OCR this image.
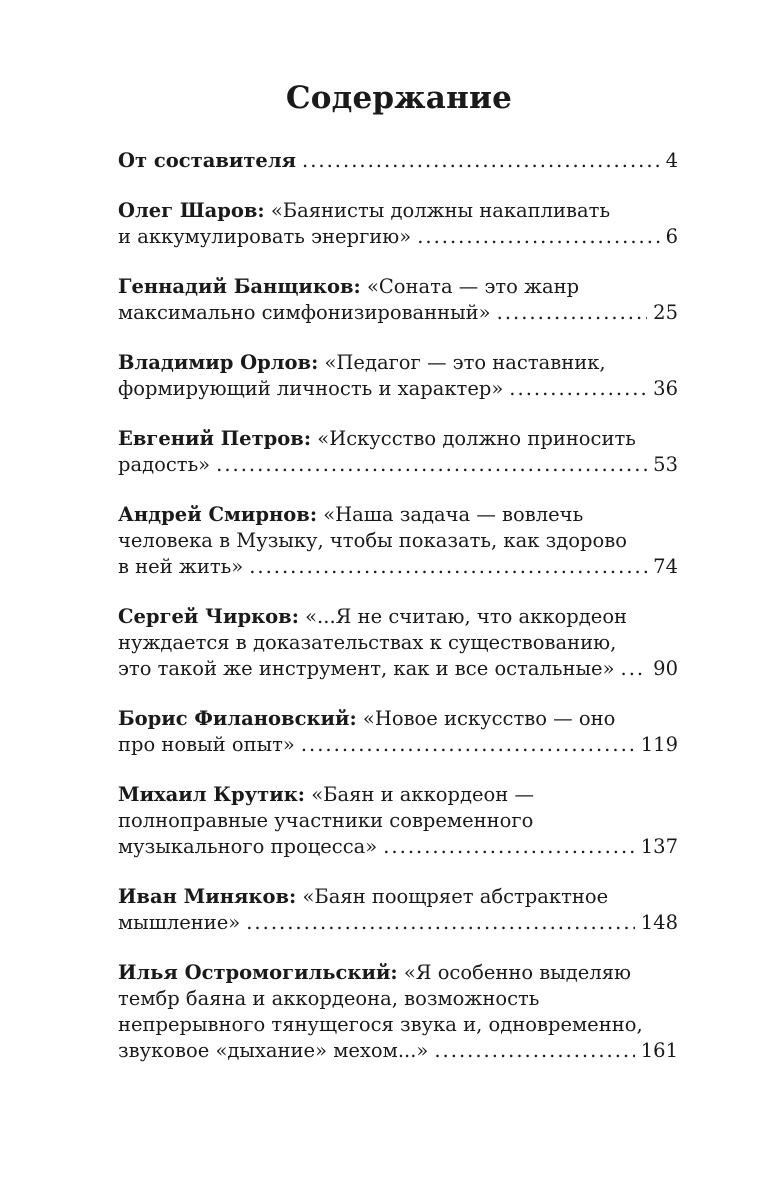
Содержание
От составителя .....	4
Олег Шаров: «Баянисты должны накапливать
и аккумулировать энергию» .....	6
Геннадий Банщиков: «Соната — это жанр
максимально симфонизированный» .....	25
Владимир Орлов: «Педагог — это наставник,
формирующий личность и характер» .....	36
Евгений Петров: «Искусство должно приносить
радость» .....	53
Андрей Смирнов: «Наша задача — вовлечь
человека в Музыку, чтобы показать, как здорово
в ней жить» .....	74
Сергей Чирков: «...Я не считаю, что аккордеон
нуждается в доказательствах к существованию,
это такой же инструмент, как и все остальные» ..... 90
Борис Филановский: «Новое искусство — оно
про новый опыт» .....	119
Михаил Крутик: «Баян и аккордеон —
полноправные участники современного
музыкального процесса» .....	137
Иван Миняков: «Баян поощряет абстрактное
мышление» .....	148
Илья Остромогильский: «Я особенно выделяю
тембр баяна и аккордеона, возможность
непрерывного тянущегося звука и, одновременно,
звуковое «дыхание» мехом...» .....	161
